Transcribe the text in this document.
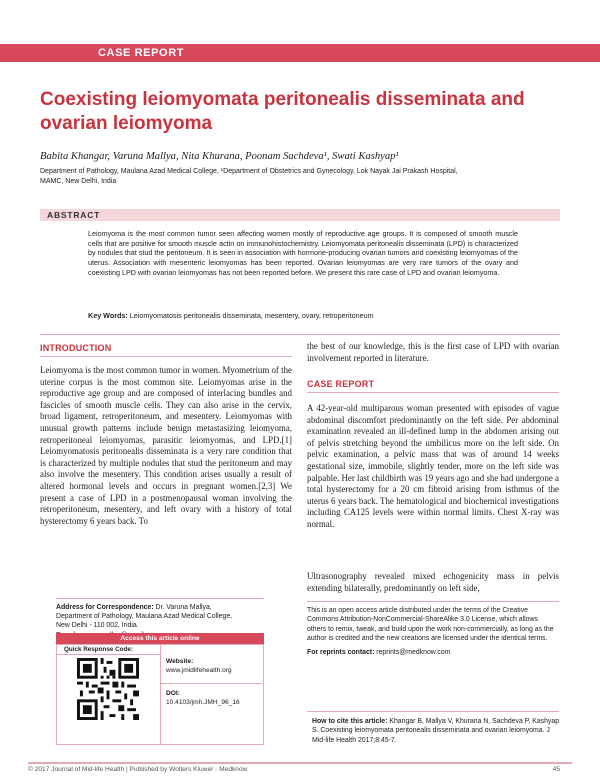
CASE REPORT
Coexisting leiomyomata peritonealis disseminata and ovarian leiomyoma
Babita Khangar, Varuna Mallya, Nita Khurana, Poonam Sachdeva¹, Swati Kashyap¹
Department of Pathology, Maulana Azad Medical College, ¹Department of Obstetrics and Gynecology, Lok Nayak Jai Prakash Hospital,
MAMC, New Delhi, India
ABSTRACT
Leiomyoma is the most common tumor seen affecting women mostly of reproductive age groups. It is composed of smooth muscle cells that are positive for smooth muscle actin on immunohistochemistry. Leiomyomata peritonealis disseminata (LPD) is characterized by nodules that stud the peritoneum. It is seen in association with hormone-producing ovarian tumors and coexisting leiomyomas of the uterus. Association with mesenteric leiomyomas has been reported. Ovarian leiomyomas are very rare tumors of the ovary and coexisting LPD with ovarian leiomyomas has not been reported before. We present this rare case of LPD and ovarian leiomyoma.
Key Words: Leiomyomatosis peritonealis disseminata, mesentery, ovary, retroperitoneum
INTRODUCTION
Leiomyoma is the most common tumor in women. Myometrium of the uterine corpus is the most common site. Leiomyomas arise in the reproductive age group and are composed of interlacing bundles and fascicles of smooth muscle cells. They can also arise in the cervix, broad ligament, retroperitoneum, and mesentery. Leiomyomas with unusual growth patterns include benign metastasizing leiomyoma, retroperitoneal leiomyomas, parasitic leiomyomas, and LPD.[1] Leiomyomatosis peritonealis disseminata is a very rare condition that is characterized by multiple nodules that stud the peritoneum and may also involve the mesentery. This condition arises usually a result of altered hormonal levels and occurs in pregnant women.[2,3] We present a case of LPD in a postmenopausal woman involving the retroperitoneum, mesentery, and left ovary with a history of total hysterectomy 6 years back. To
the best of our knowledge, this is the first case of LPD with ovarian involvement reported in literature.
CASE REPORT
A 42-year-old multiparous woman presented with episodes of vague abdominal discomfort predominantly on the left side. Per abdominal examination revealed an ill-defined lump in the abdomen arising out of pelvis stretching beyond the umbilicus more on the left side. On pelvic examination, a pelvic mass that was of around 14 weeks gestational size, immobile, slightly tender, more on the left side was palpable. Her last childbirth was 19 years ago and she had undergone a total hysterectomy for a 20 cm fibroid arising from isthmus of the uterus 6 years back. The hematological and biochemical investigations including CA125 levels were within normal limits. Chest X-ray was normal.
Ultrasonography revealed mixed echogenicity mass in pelvis extending bilaterally, predominantly on left side,
Address for Correspondence: Dr. Varuna Mallya,
Department of Pathology, Maulana Azad Medical College,
New Delhi - 110 002, India.
Access this article online
Quick Response Code:
Website:
www.jmidlifehealth.org
DOI:
10.4103/jmh.JMH_96_16
This is an open access article distributed under the terms of the Creative Commons Attribution-NonCommercial-ShareAlike 3.0 License, which allows others to remix, tweak, and build upon the work non-commercially, as long as the author is credited and the new creations are licensed under the identical terms.
For reprints contact: reprints@medknow.com
How to cite this article: Khangar B, Mallya V, Khurana N, Sachdeva P, Kashyap S. Coexisting leiomyomata peritonealis disseminata and ovarian leiomyoma. J Mid-life Health 2017;8:45-7.
© 2017 Journal of Mid-life Health | Published by Wolters Kluwer - Medknow	45
